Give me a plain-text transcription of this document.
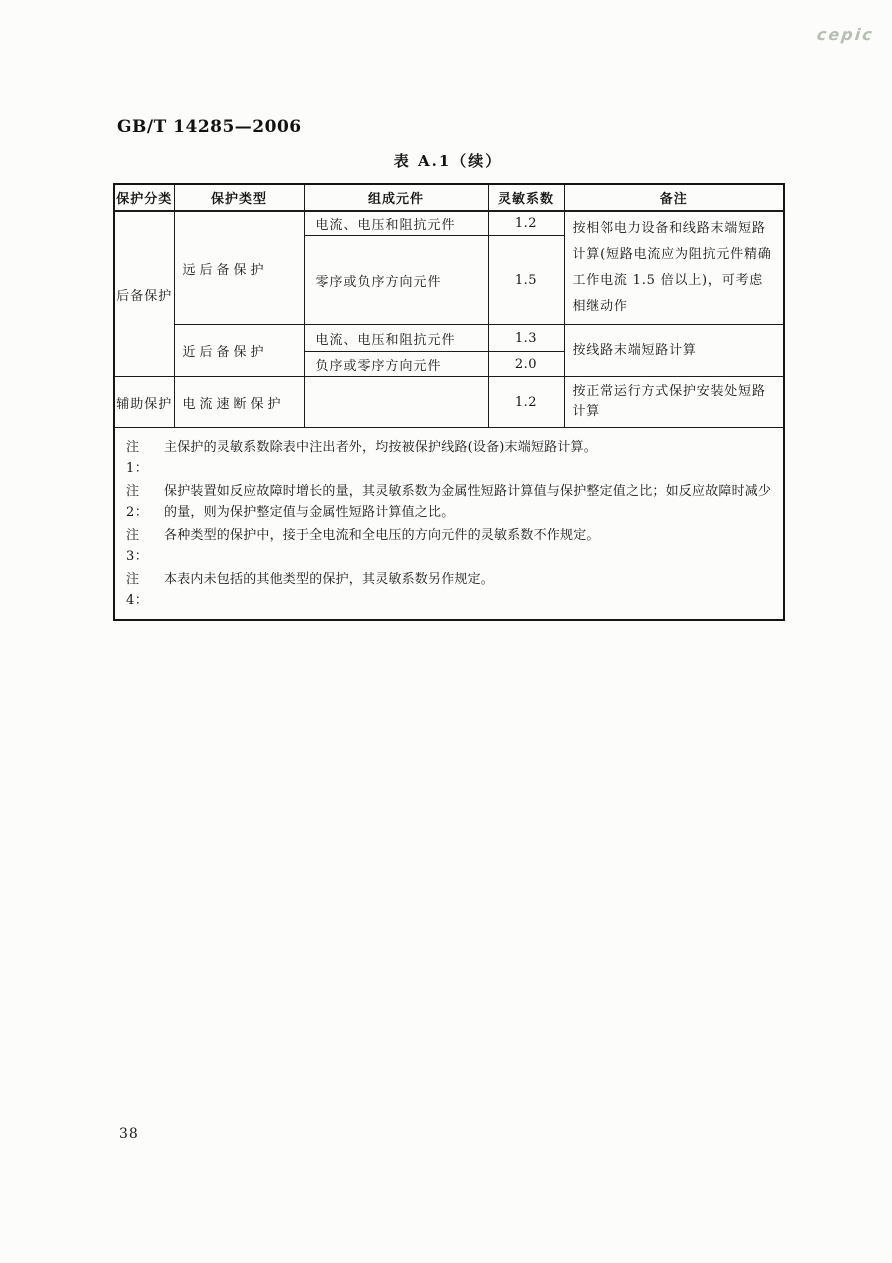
cepic
GB/T 14285—2006
表 A.1（续）
保护分类	保护类型	组成元件	灵敏系数	备注
后备保护	远后备保护	电流、电压和阻抗元件	1.2	按相邻电力设备和线路末端短路计算(短路电流应为阻抗元件精确工作电流 1.5 倍以上)，可考虑相继动作
		零序或负序方向元件	1.5	
	近后备保护	电流、电压和阻抗元件	1.3	按线路末端短路计算
		负序或零序方向元件	2.0	
辅助保护	电流速断保护		1.2	按正常运行方式保护安装处短路计算

注 1：
主保护的灵敏系数除表中注出者外，均按被保护线路(设备)末端短路计算。
注 2：
保护装置如反应故障时增长的量，其灵敏系数为金属性短路计算值与保护整定值之比；如反应故障时减少的量，则为保护整定值与金属性短路计算值之比。
注 3：
各种类型的保护中，接于全电流和全电压的方向元件的灵敏系数不作规定。
注 4：
本表内未包括的其他类型的保护，其灵敏系数另作规定。
38
